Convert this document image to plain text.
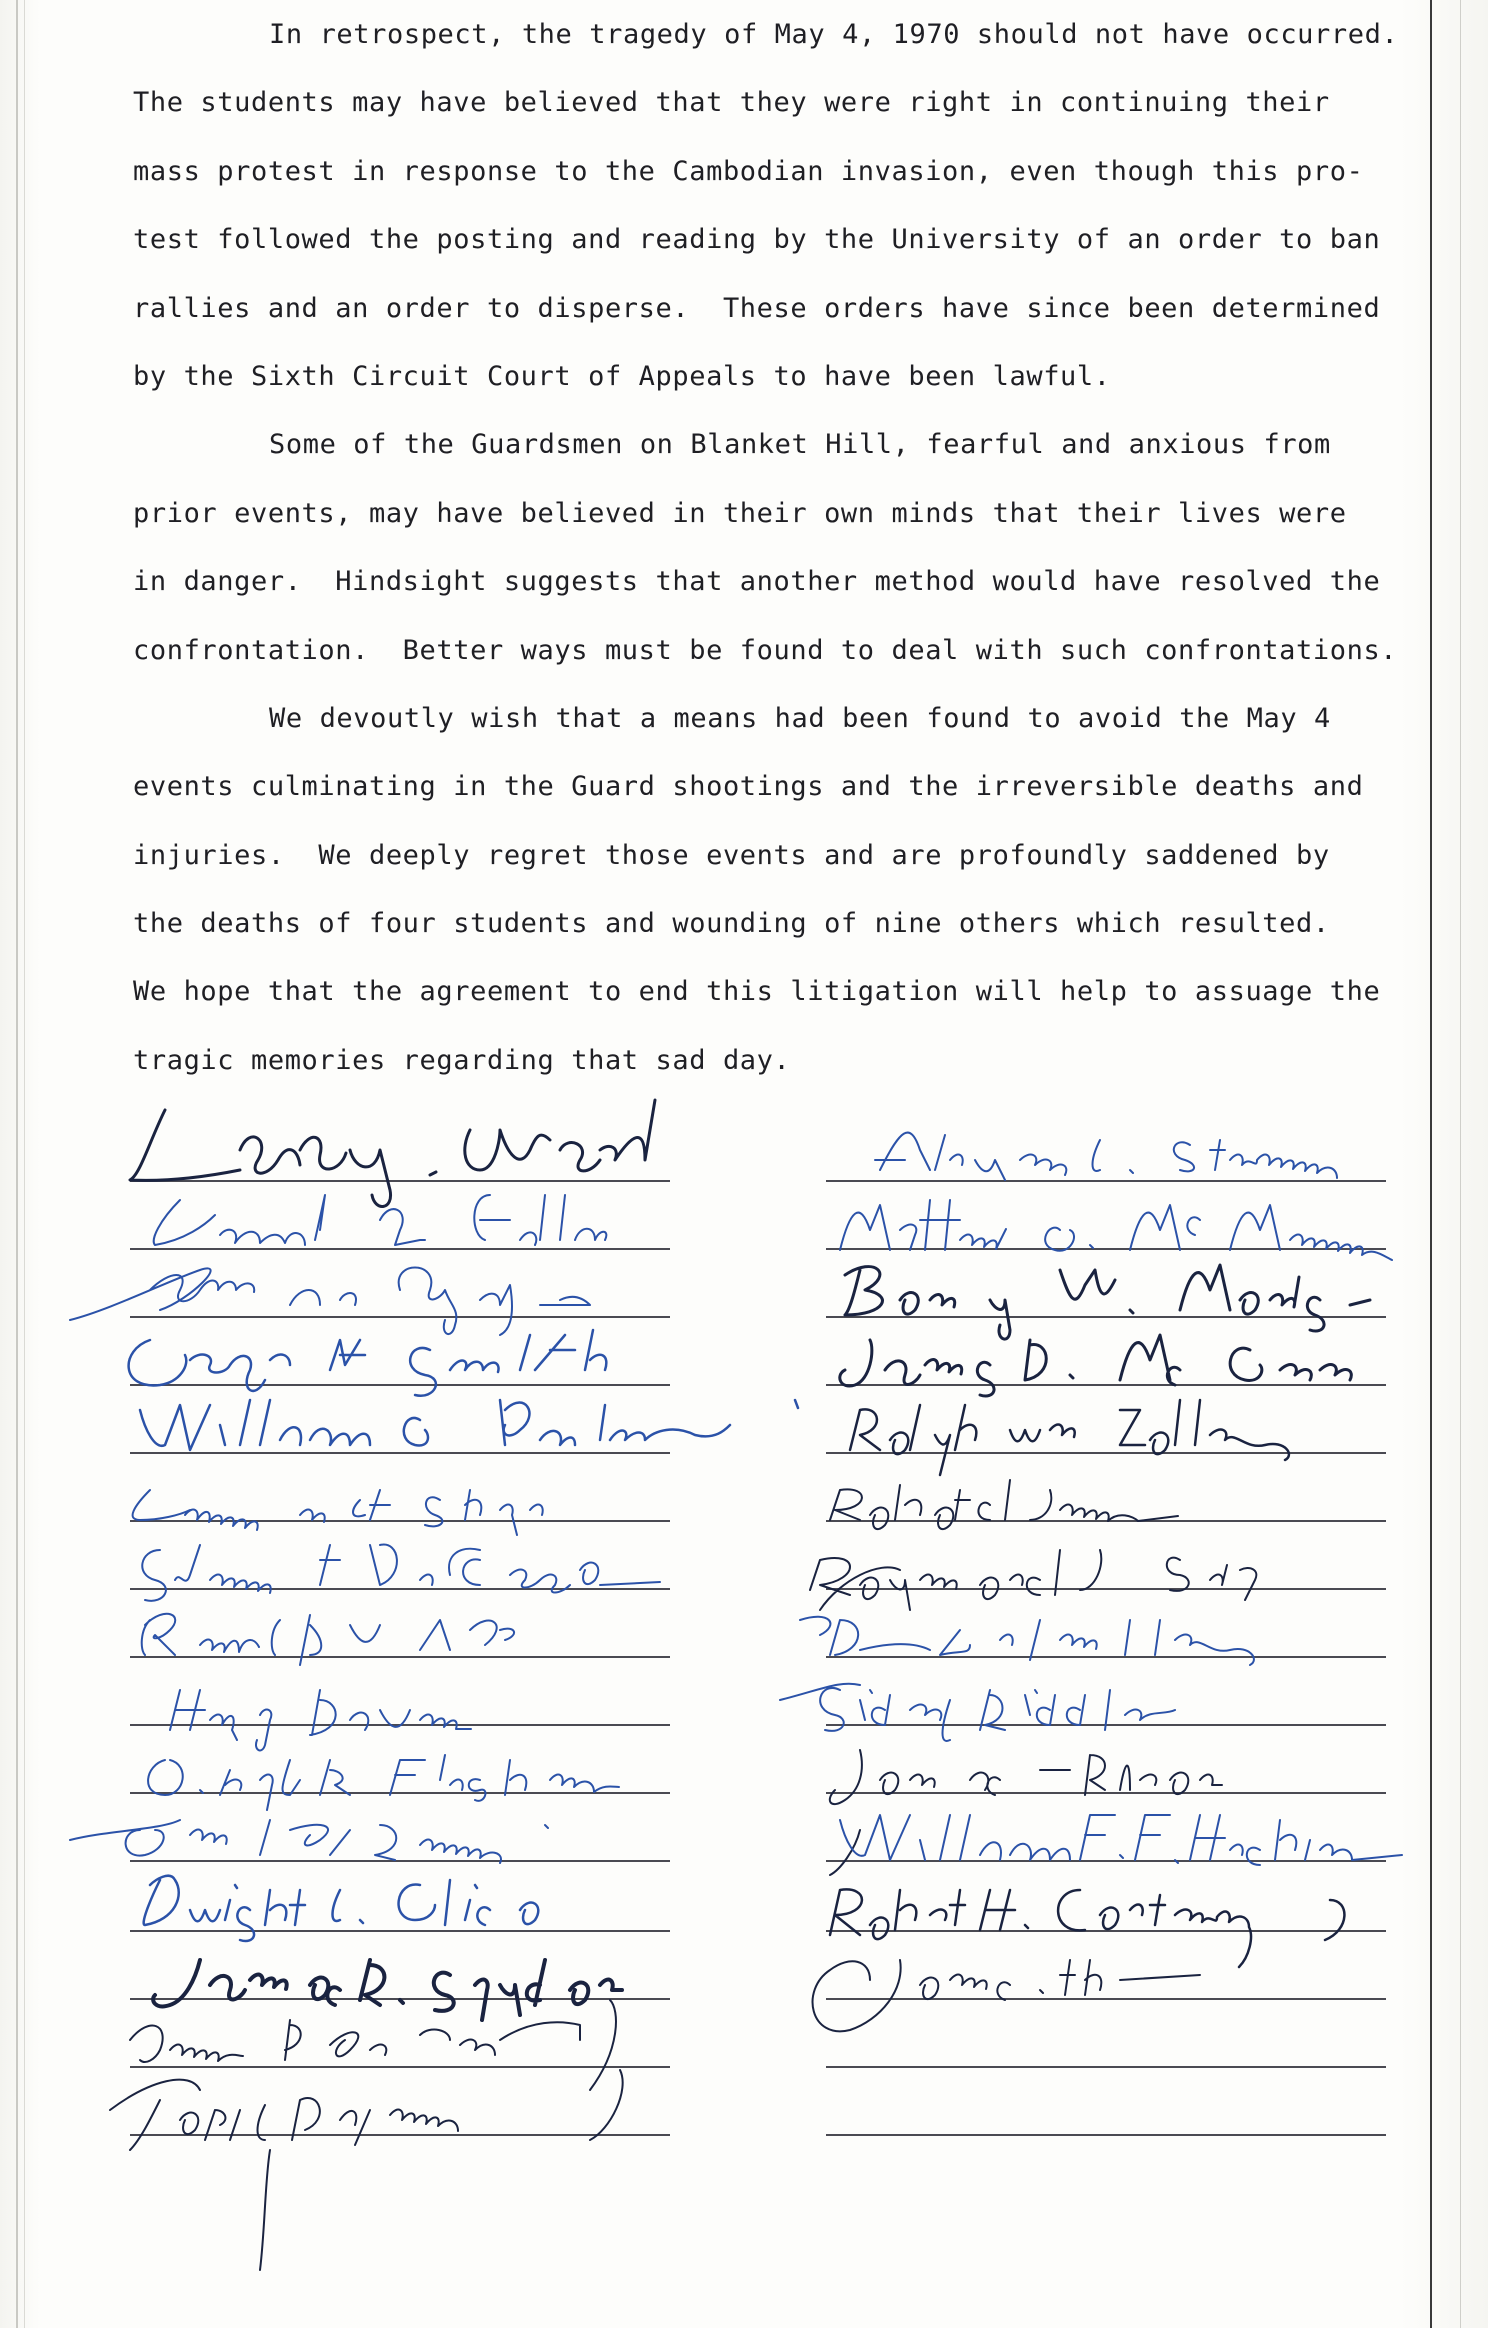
In retrospect, the tragedy of May 4, 1970 should not have occurred.
The students may have believed that they were right in continuing their
mass protest in response to the Cambodian invasion, even though this pro-
test followed the posting and reading by the University of an order to ban
rallies and an order to disperse.  These orders have since been determined
by the Sixth Circuit Court of Appeals to have been lawful.
Some of the Guardsmen on Blanket Hill, fearful and anxious from
prior events, may have believed in their own minds that their lives were
in danger.  Hindsight suggests that another method would have resolved the
confrontation.  Better ways must be found to deal with such confrontations.
We devoutly wish that a means had been found to avoid the May 4
events culminating in the Guard shootings and the irreversible deaths and
injuries.  We deeply regret those events and are profoundly saddened by
the deaths of four students and wounding of nine others which resulted.
We hope that the agreement to end this litigation will help to assuage the
tragic memories regarding that sad day.
